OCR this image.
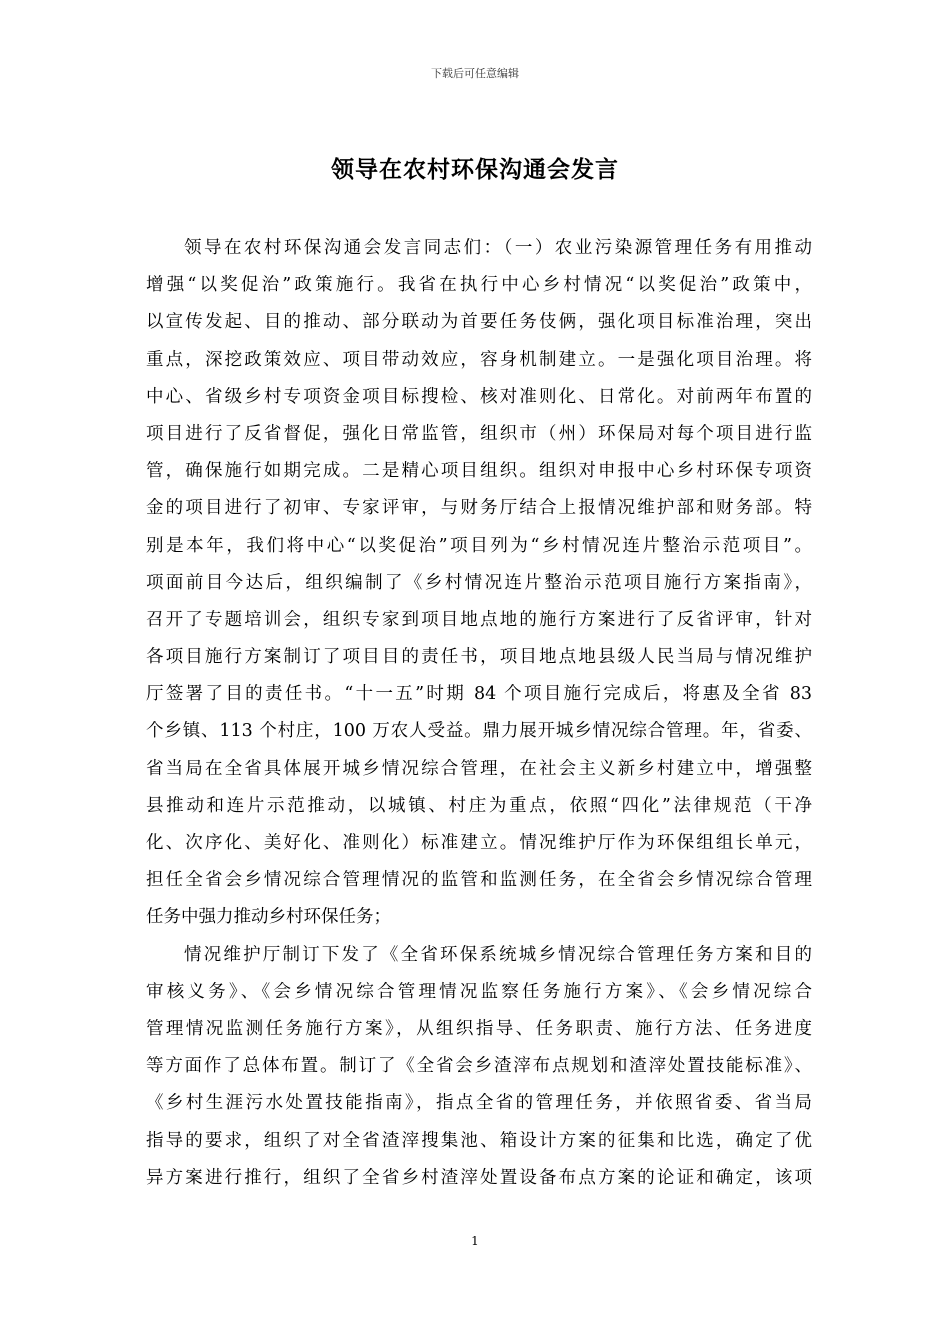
下载后可任意编辑
领导在农村环保沟通会发言
领导在农村环保沟通会发言同志们：（一）农业污染源管理任务有用推动
增强“以奖促治”政策施行。我省在执行中心乡村情况“以奖促治”政策中，
以宣传发起、目的推动、部分联动为首要任务伎俩，强化项目标准治理，突出
重点，深挖政策效应、项目带动效应，容身机制建立。一是强化项目治理。将
中心、省级乡村专项资金项目标搜检、核对准则化、日常化。对前两年布置的
项目进行了反省督促，强化日常监管，组织市（州）环保局对每个项目进行监
管，确保施行如期完成。二是精心项目组织。组织对申报中心乡村环保专项资
金的项目进行了初审、专家评审，与财务厅结合上报情况维护部和财务部。特
别是本年，我们将中心“以奖促治”项目列为“乡村情况连片整治示范项目”。
项面前目今达后，组织编制了《乡村情况连片整治示范项目施行方案指南》，
召开了专题培训会，组织专家到项目地点地的施行方案进行了反省评审，针对
各项目施行方案制订了项目目的责任书，项目地点地县级人民当局与情况维护
厅签署了目的责任书。“十一五”时期 84 个项目施行完成后，将惠及全省 83
个乡镇、113 个村庄，100 万农人受益。鼎力展开城乡情况综合管理。年，省委、
省当局在全省具体展开城乡情况综合管理，在社会主义新乡村建立中，增强整
县推动和连片示范推动，以城镇、村庄为重点，依照“四化”法律规范（干净
化、次序化、美好化、准则化）标准建立。情况维护厅作为环保组组长单元，
担任全省会乡情况综合管理情况的监管和监测任务，在全省会乡情况综合管理
任务中强力推动乡村环保任务；
情况维护厅制订下发了《全省环保系统城乡情况综合管理任务方案和目的
审核义务》、《会乡情况综合管理情况监察任务施行方案》、《会乡情况综合
管理情况监测任务施行方案》，从组织指导、任务职责、施行方法、任务进度
等方面作了总体布置。制订了《全省会乡渣滓布点规划和渣滓处置技能标准》、
《乡村生涯污水处置技能指南》，指点全省的管理任务，并依照省委、省当局
指导的要求，组织了对全省渣滓搜集池、箱设计方案的征集和比选，确定了优
异方案进行推行，组织了全省乡村渣滓处置设备布点方案的论证和确定，该项
1
